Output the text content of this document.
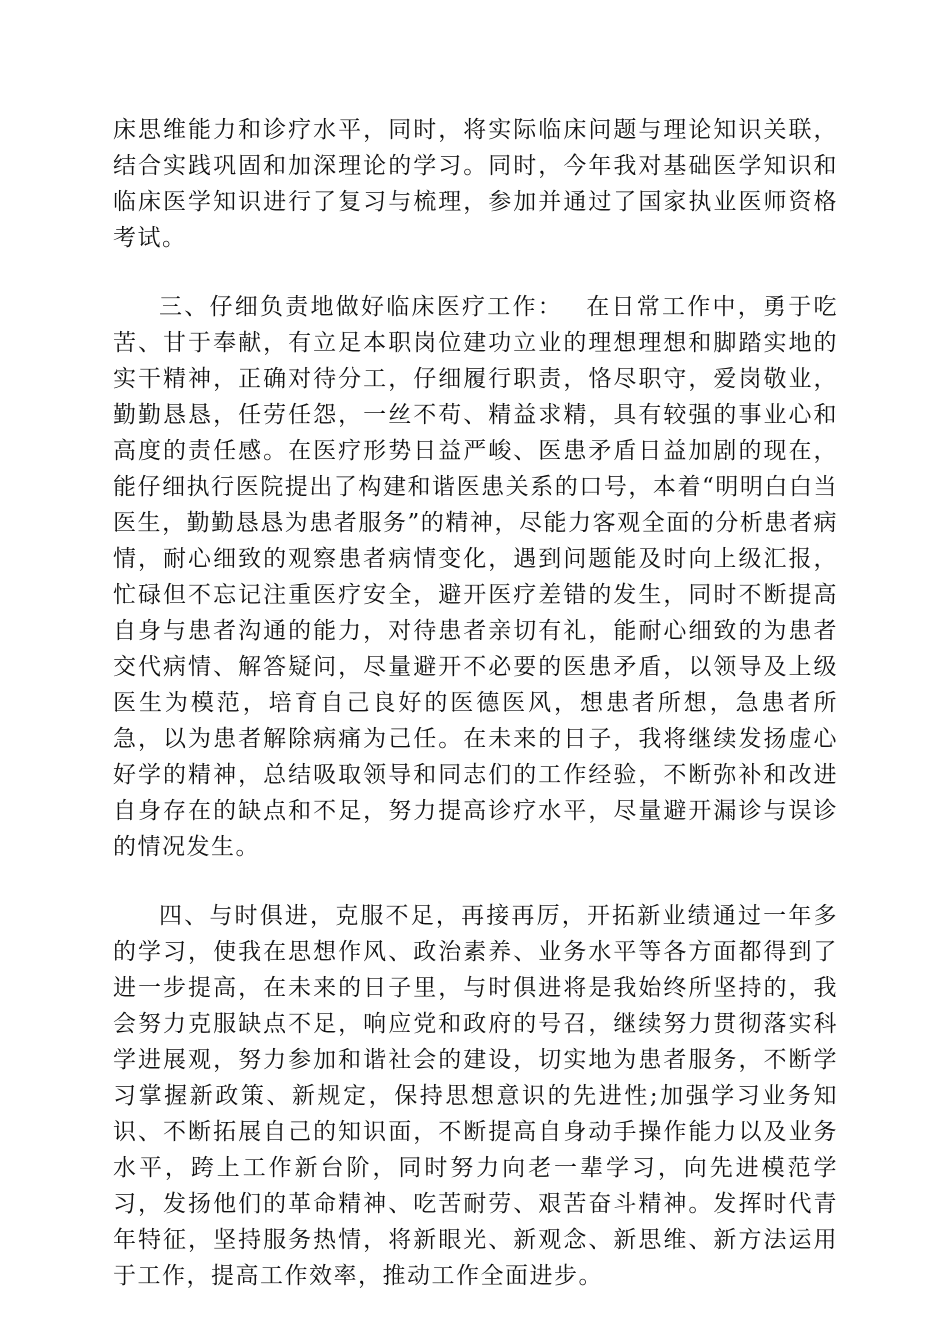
床思维能力和诊疗水平，同时，将实际临床问题与理论知识关联，结合实践巩固和加深理论的学习。同时，今年我对基础医学知识和临床医学知识进行了复习与梳理，参加并通过了国家执业医师资格考试。

三、仔细负责地做好临床医疗工作：　 在日常工作中，勇于吃苦、甘于奉献，有立足本职岗位建功立业的理想理想和脚踏实地的实干精神，正确对待分工，仔细履行职责，恪尽职守，爱岗敬业，勤勤恳恳，任劳任怨，一丝不苟、精益求精，具有较强的事业心和高度的责任感。在医疗形势日益严峻、医患矛盾日益加剧的现在，能仔细执行医院提出了构建和谐医患关系的口号，本着“明明白白当医生，勤勤恳恳为患者服务”的精神，尽能力客观全面的分析患者病情，耐心细致的观察患者病情变化，遇到问题能及时向上级汇报，忙碌但不忘记注重医疗安全，避开医疗差错的发生，同时不断提高自身与患者沟通的能力，对待患者亲切有礼，能耐心细致的为患者交代病情、解答疑问，尽量避开不必要的医患矛盾，以领导及上级医生为模范，培育自己良好的医德医风，想患者所想，急患者所急，以为患者解除病痛为己任。在未来的日子，我将继续发扬虚心好学的精神，总结吸取领导和同志们的工作经验，不断弥补和改进自身存在的缺点和不足，努力提高诊疗水平，尽量避开漏诊与误诊的情况发生。

四、与时俱进，克服不足，再接再厉，开拓新业绩通过一年多的学习，使我在思想作风、政治素养、业务水平等各方面都得到了进一步提高，在未来的日子里，与时俱进将是我始终所坚持的，我会努力克服缺点不足，响应党和政府的号召，继续努力贯彻落实科学进展观，努力参加和谐社会的建设，切实地为患者服务，不断学习掌握新政策、新规定，保持思想意识的先进性;加强学习业务知识、不断拓展自己的知识面，不断提高自身动手操作能力以及业务水平，跨上工作新台阶，同时努力向老一辈学习，向先进模范学习，发扬他们的革命精神、吃苦耐劳、艰苦奋斗精神。发挥时代青年特征，坚持服务热情，将新眼光、新观念、新思维、新方法运用于工作，提高工作效率，推动工作全面进步。
